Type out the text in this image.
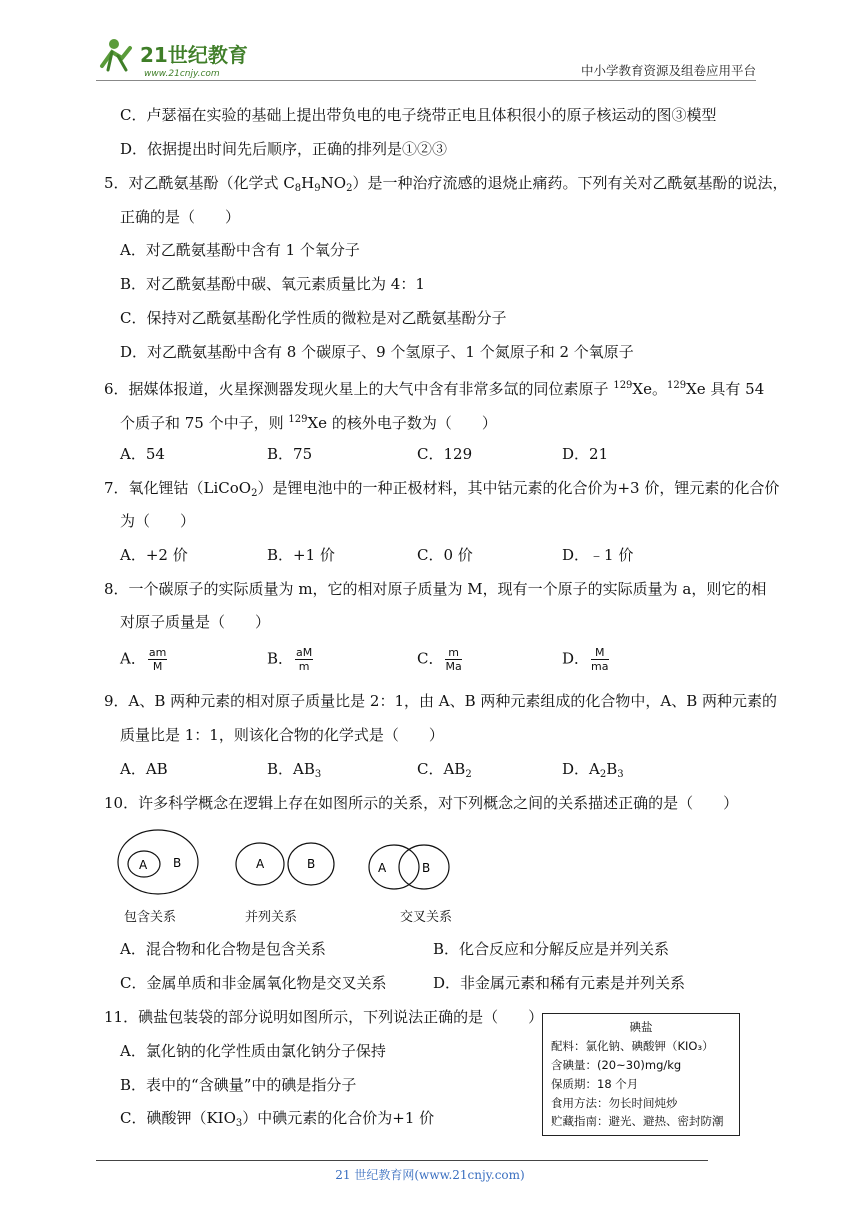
21世纪教育
www.21cnjy.com	中小学教育资源及组卷应用平台
C．卢瑟福在实验的基础上提出带负电的电子绕带正电且体积很小的原子核运动的图③模型
D．依据提出时间先后顺序，正确的排列是①②③
5．对乙酰氨基酚（化学式 $C_8H_9NO_2$）是一种治疗流感的退烧止痛药。下列有关对乙酰氨基酚的说法，
正确的是（　　）
A．对乙酰氨基酚中含有 1 个氧分子
B．对乙酰氨基酚中碳、氧元素质量比为 4：1
C．保持对乙酰氨基酚化学性质的微粒是对乙酰氨基酚分子
D．对乙酰氨基酚中含有 8 个碳原子、9 个氢原子、1 个氮原子和 2 个氧原子
6．据媒体报道，火星探测器发现火星上的大气中含有非常多氙的同位素原子 $^{129}$Xe。$^{129}$Xe 具有 54
个质子和 75 个中子，则 $^{129}$Xe 的核外电子数为（　　）
A．54	B．75	C．129	D．21
7．氧化锂钴（LiCoO$_2$）是锂电池中的一种正极材料，其中钴元素的化合价为+3 价，锂元素的化合价
为（　　）
A．+2 价	B．+1 价	C．0 价	D．﹣1 价
8．一个碳原子的实际质量为 m，它的相对原子质量为 M，现有一个原子的实际质量为 a，则它的相
对原子质量是（　　）
A． $\frac{am}{M}$	B． $\frac{aM}{m}$	C． $\frac{m}{Ma}$	D． $\frac{M}{ma}$
9．A、B 两种元素的相对原子质量比是 2：1，由 A、B 两种元素组成的化合物中，A、B 两种元素的
质量比是 1：1，则该化合物的化学式是（　　）
A．AB	B．$AB_3$	C．$AB_2$	D．$A_2B_3$
10．许多科学概念在逻辑上存在如图所示的关系，对下列概念之间的关系描述正确的是（　　）
A B	A	B	A	B
包含关系	并列关系	交叉关系
A．混合物和化合物是包含关系	B．化合反应和分解反应是并列关系
C．金属单质和非金属氧化物是交叉关系	D．非金属元素和稀有元素是并列关系
11．碘盐包装袋的部分说明如图所示，下列说法正确的是（　　）
A．氯化钠的化学性质由氯化钠分子保持
B．表中的“含碘量”中的碘是指分子
C．碘酸钾$(KIO_3)$中碘元素的化合价为+1 价
碘盐
配料：氯化钠、碘酸钾（KIO₃）
含碘量：(20~30)mg/kg
保质期：18 个月
食用方法：勿长时间炖炒
贮藏指南：避光、避热、密封防潮
21 世纪教育网(www.21cnjy.com)
